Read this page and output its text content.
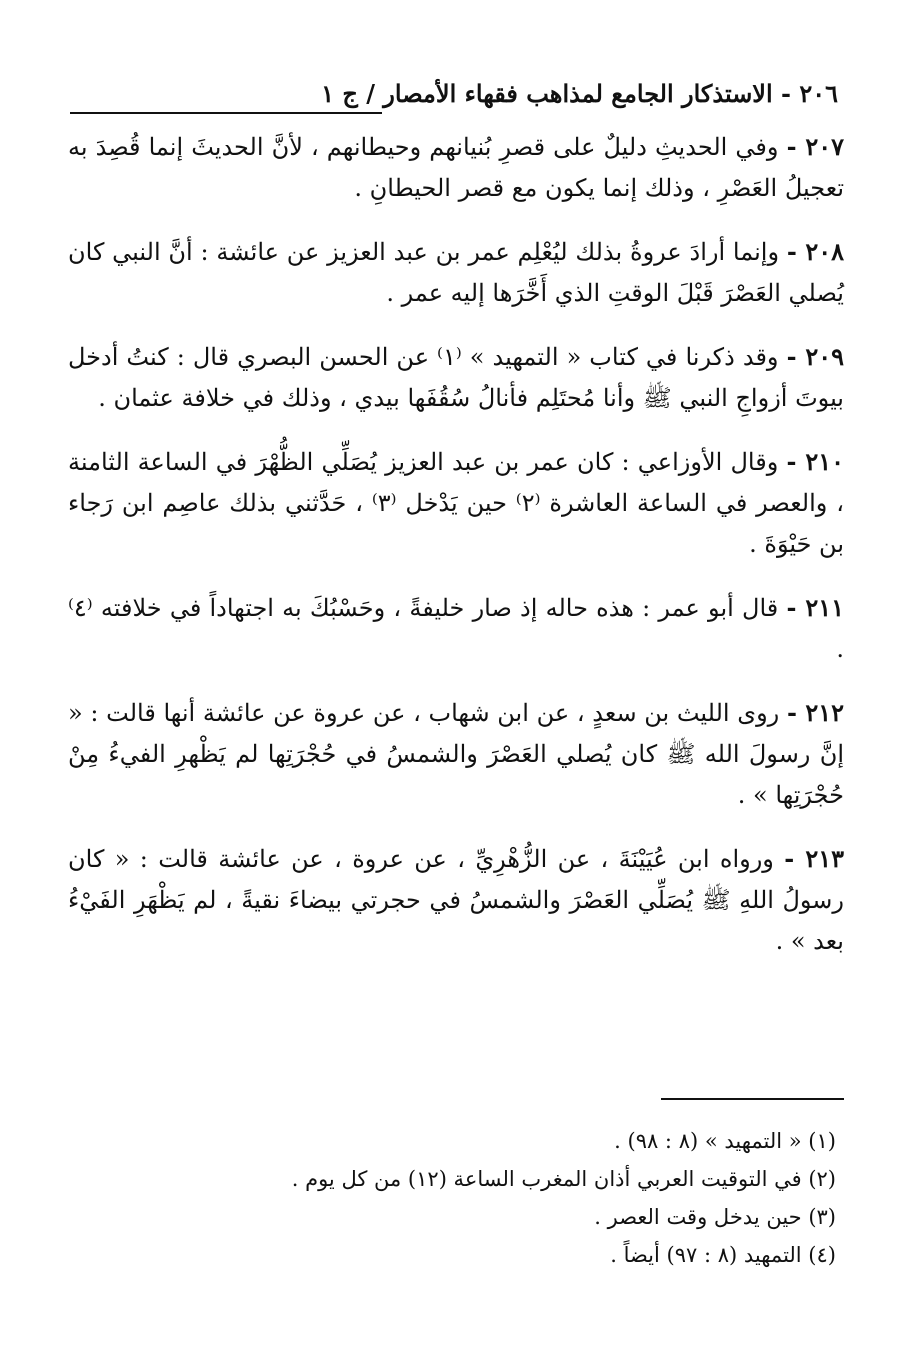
٢٠٦ - الاستذكار الجامع لمذاهب فقهاء الأمصار / ج ١

٢٠٧ - وفي الحديثِ دليلٌ على قصرِ بُنيانهم وحيطانهم ، لأنَّ الحديثَ إنما قُصِدَ به تعجيلُ العَصْرِ ، وذلك إنما يكون مع قصر الحيطانِ .

٢٠٨ - وإنما أرادَ عروةُ بذلك ليُعْلِم عمر بن عبد العزيز عن عائشة : أنَّ النبي كان يُصلي العَصْرَ قَبْلَ الوقتِ الذي أَخَّرَها إليه عمر .

٢٠٩ - وقد ذكرنا في كتاب « التمهيد » ⁽١⁾ عن الحسن البصري قال : كنتُ أدخل بيوتَ أزواجِ النبي ﷺ وأنا مُحتَلِم فأنالُ سُقُفَها بيدي ، وذلك في خلافة عثمان .

٢١٠ - وقال الأوزاعي : كان عمر بن عبد العزيز يُصَلِّي الظُّهْرَ في الساعة الثامنة ، والعصر في الساعة العاشرة ⁽٢⁾ حين يَدْخل ⁽٣⁾ ، حَدَّثني بذلك عاصِم ابن رَجاء بن حَيْوَةَ .

٢١١ - قال أبو عمر : هذه حاله إذ صار خليفةً ، وحَسْبُكَ به اجتهاداً في خلافته ⁽٤⁾ .

٢١٢ - روى الليث بن سعدٍ ، عن ابن شهاب ، عن عروة عن عائشة أنها قالت : « إنَّ رسولَ الله ﷺ كان يُصلي العَصْرَ والشمسُ في حُجْرَتِها لم يَظْهرِ الفيءُ مِنْ حُجْرَتِها » .

٢١٣ - ورواه ابن عُيَيْنَةَ ، عن الزُّهْرِيِّ ، عن عروة ، عن عائشة قالت : « كان رسولُ اللهِ ﷺ يُصَلِّي العَصْرَ والشمسُ في حجرتي بيضاءَ نقيةً ، لم يَظْهَرِ الفَيْءُ بعد » .

(١) « التمهيد » (٨ : ٩٨) .
(٢) في التوقيت العربي أذان المغرب الساعة (١٢) من كل يوم .
(٣) حين يدخل وقت العصر .
(٤) التمهيد (٨ : ٩٧) أيضاً .
